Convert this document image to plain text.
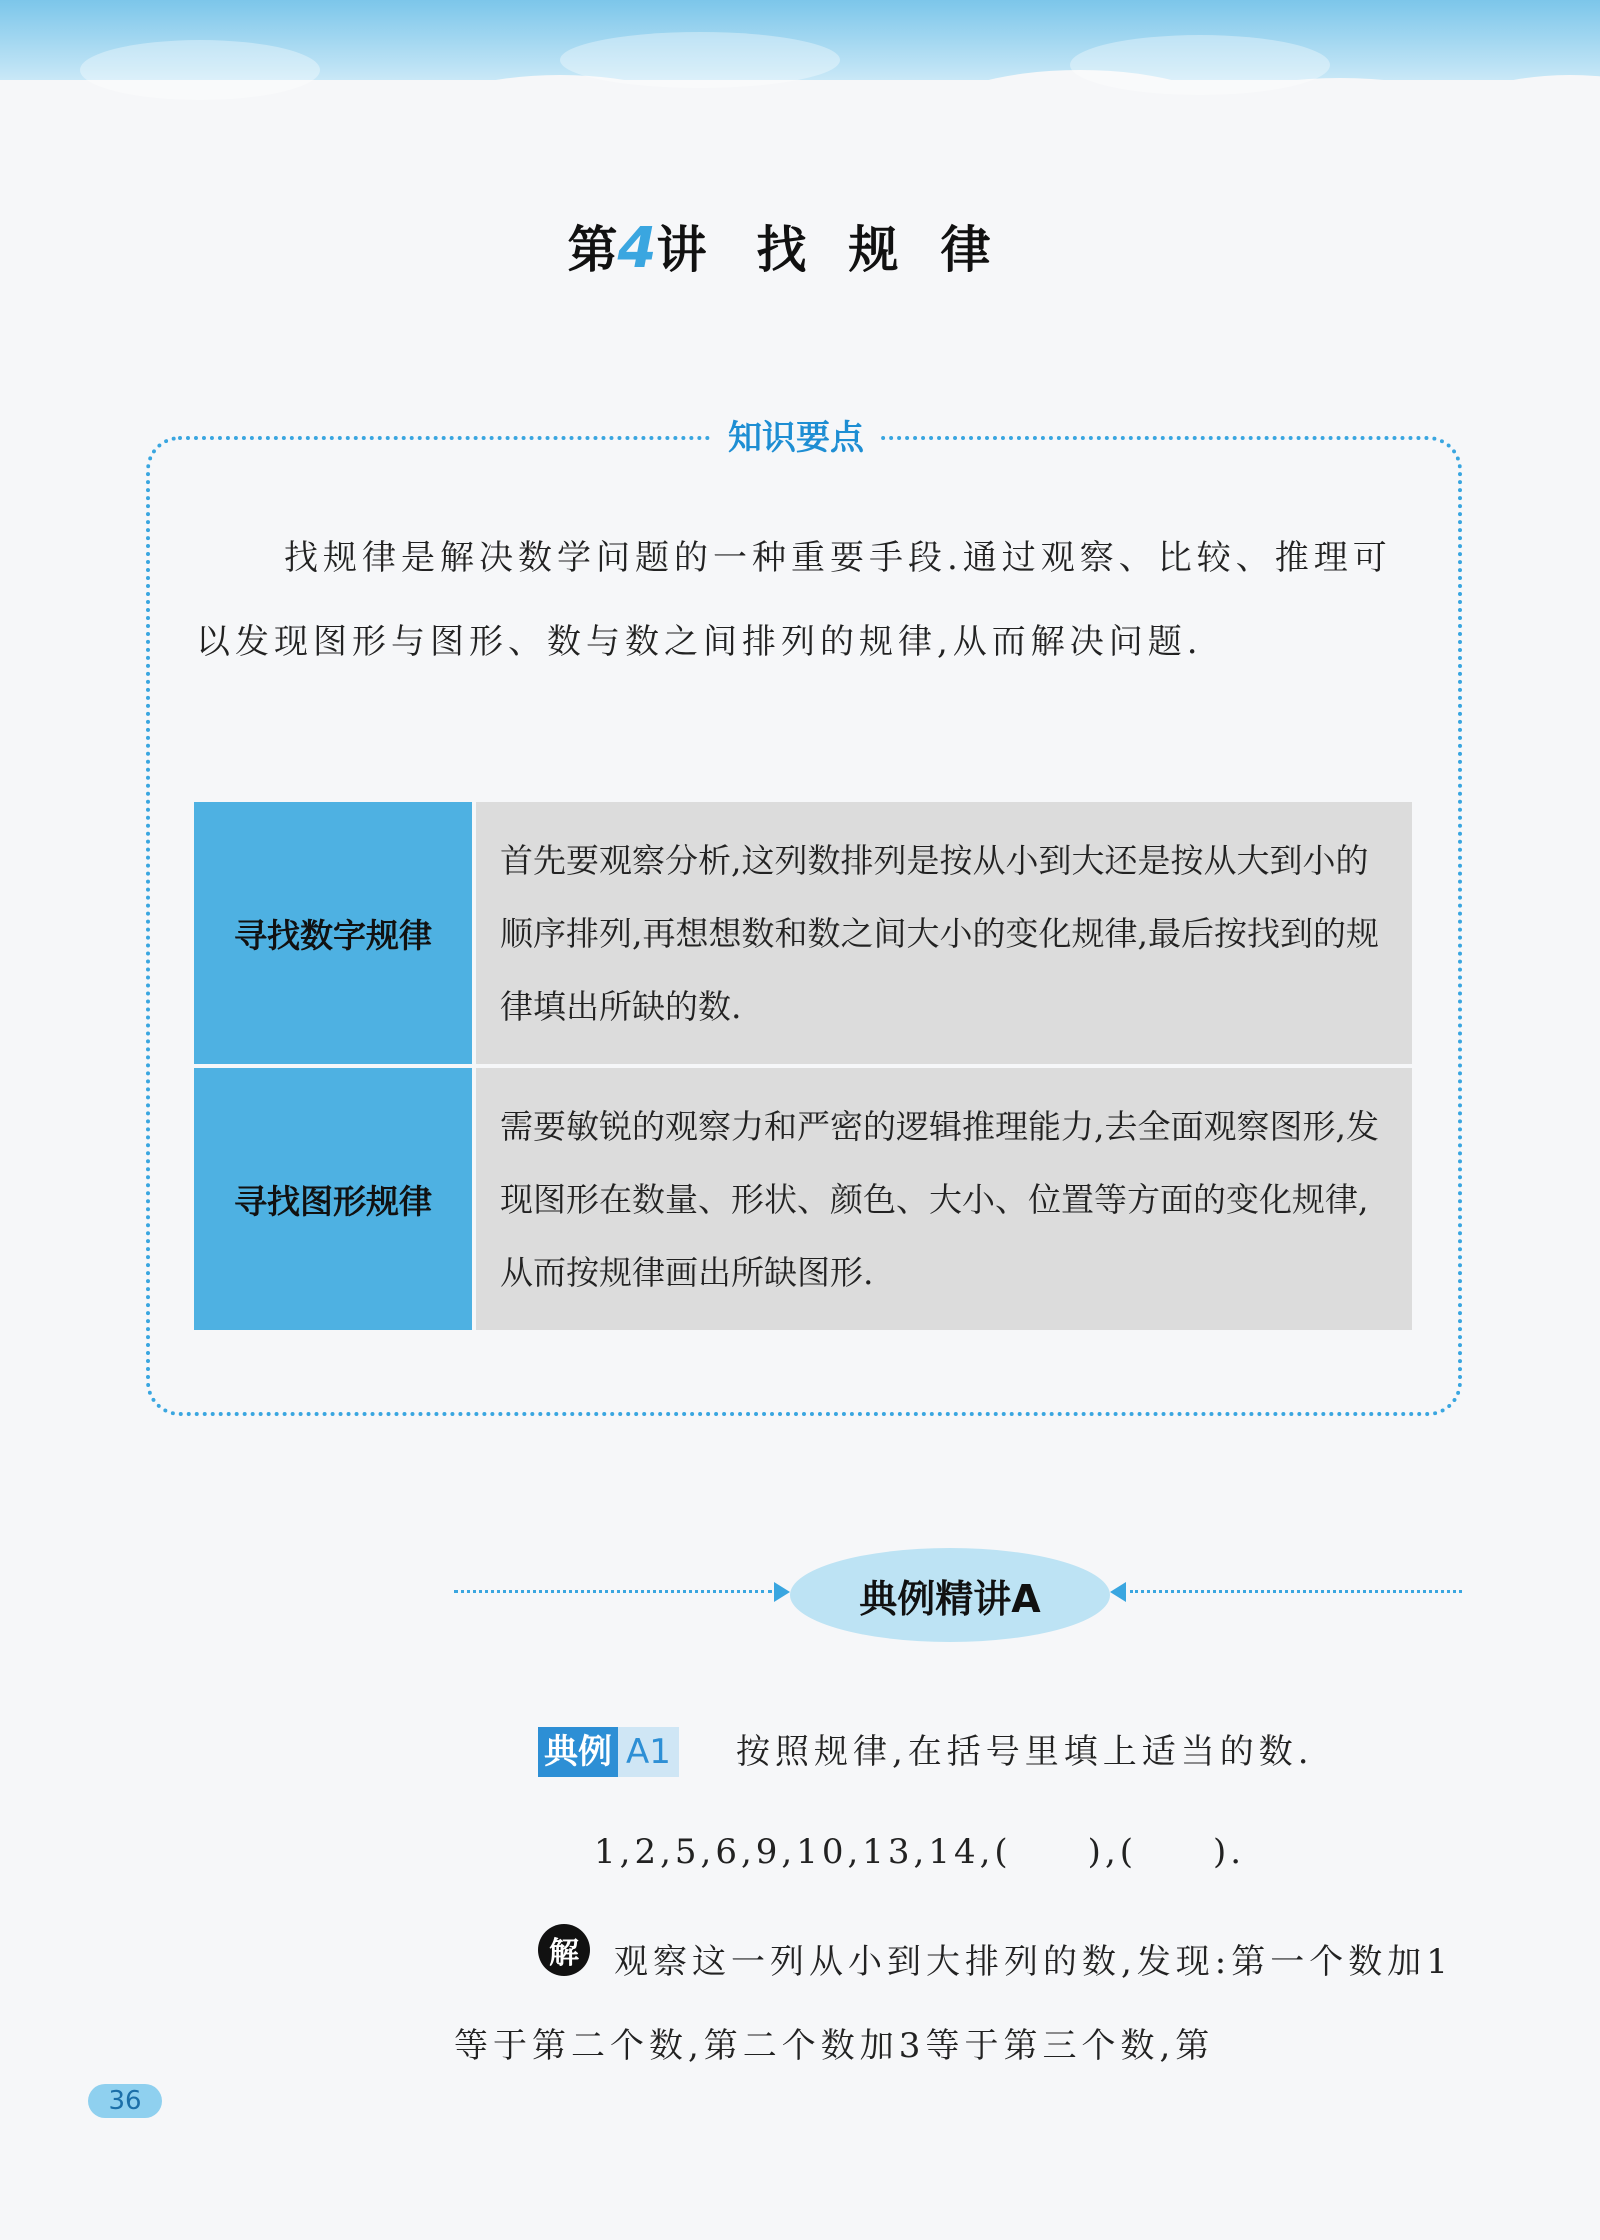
第4讲 找规律
知识要点
找规律是解决数学问题的一种重要手段.通过观察、比较、推理可以发现图形与图形、数与数之间排列的规律,从而解决问题.
寻找数字规律
首先要观察分析,这列数排列是按从小到大还是按从大到小的顺序排列,再想想数和数之间大小的变化规律,最后按找到的规律填出所缺的数.
寻找图形规律
需要敏锐的观察力和严密的逻辑推理能力,去全面观察图形,发现图形在数量、形状、颜色、大小、位置等方面的变化规律,从而按规律画出所缺图形.
典例精讲A
典例 A1 按照规律,在括号里填上适当的数.
1,2,5,6,9,10,13,14,(　　),(　　).
解	观察这一列从小到大排列的数,发现:第一个数加1等于第二个数,第二个数加3等于第三个数,第
36
